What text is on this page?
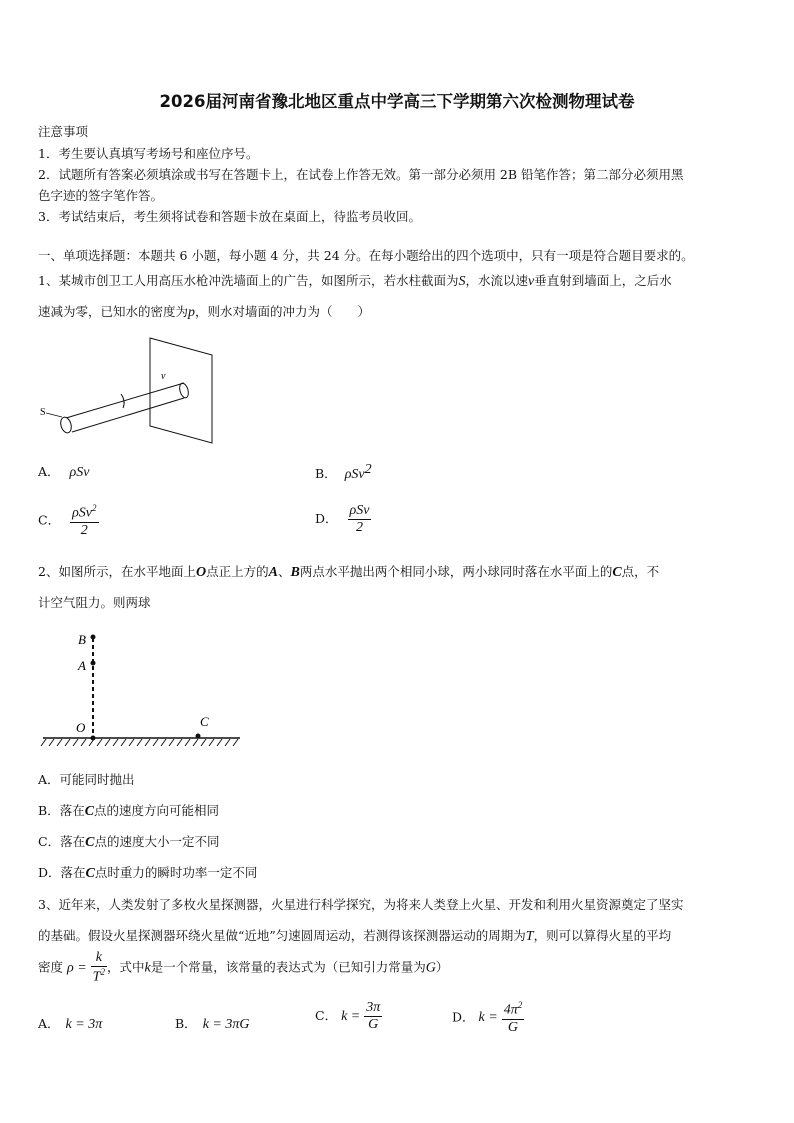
2026届河南省豫北地区重点中学高三下学期第六次检测物理试卷
注意事项
1．考生要认真填写考场号和座位序号。
2．试题所有答案必须填涂或书写在答题卡上，在试卷上作答无效。第一部分必须用 2B 铅笔作答；第二部分必须用黑
色字迹的签字笔作答。
3．考试结束后，考生须将试卷和答题卡放在桌面上，待监考员收回。
一、单项选择题：本题共 6 小题，每小题 4 分，共 24 分。在每小题给出的四个选项中，只有一项是符合题目要求的。
1、某城市创卫工人用高压水枪冲洗墙面上的广告，如图所示，若水柱截面为S，水流以速v垂直射到墙面上，之后水
速减为零，已知水的密度为p，则水对墙面的冲力为（　　）
S
v
A． ρSv	B． ρSv$^2$
C． $\frac{\rho Sv^2}{2}$	D． $\frac{\text{ρSv}}{2}$
2、如图所示，在水平地面上O点正上方的A、B两点水平抛出两个相同小球，两小球同时落在水平面上的C点，不
计空气阻力。则两球
B
A
O	C
A．可能同时抛出
B．落在C点的速度方向可能相同
C．落在C点的速度大小一定不同
D．落在C点时重力的瞬时功率一定不同
3、近年来，人类发射了多枚火星探测器，火星进行科学探究，为将来人类登上火星、开发和利用火星资源奠定了坚实
的基础。假设火星探测器环绕火星做“近地”匀速圆周运动，若测得该探测器运动的周期为T，则可以算得火星的平均
密度 $\rho = \frac{k}{T^2}$ ，式中k是一个常量，该常量的表达式为（已知引力常量为G）
A． k = 3π	B． k = 3πG
C． $k = \frac{3\pi}{G}$	D． $k = \frac{4\pi^2}{G}$
